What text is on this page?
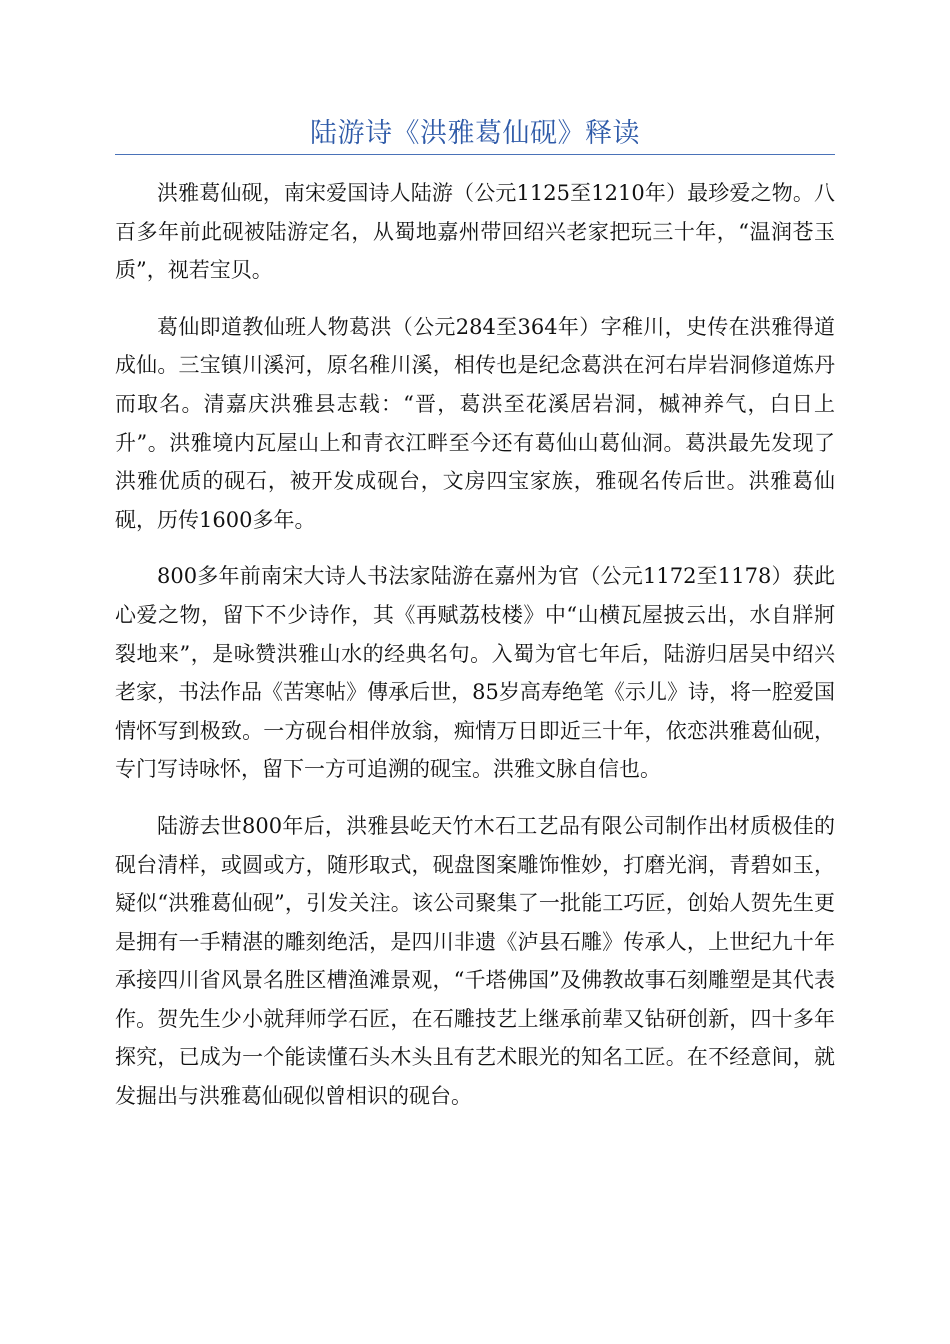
陆游诗《洪雅葛仙砚》释读

洪雅葛仙砚，南宋爱国诗人陆游（公元1125至1210年）最珍爱之物。八百多年前此砚被陆游定名，从蜀地嘉州带回绍兴老家把玩三十年，“温润苍玉质”，视若宝贝。

葛仙即道教仙班人物葛洪（公元284至364年）字稚川，史传在洪雅得道成仙。三宝镇川溪河，原名稚川溪，相传也是纪念葛洪在河右岸岩洞修道炼丹而取名。清嘉庆洪雅县志载：“晋，葛洪至花溪居岩洞，槭神养气，白日上升”。洪雅境内瓦屋山上和青衣江畔至今还有葛仙山葛仙洞。葛洪最先发现了洪雅优质的砚石，被开发成砚台，文房四宝家族，雅砚名传后世。洪雅葛仙砚，历传1600多年。

800多年前南宋大诗人书法家陆游在嘉州为官（公元1172至1178）获此心爱之物，留下不少诗作，其《再赋荔枝楼》中“山横瓦屋披云出，水自牂牁裂地来”，是咏赞洪雅山水的经典名句。入蜀为官七年后，陆游归居吴中绍兴老家，书法作品《苦寒帖》傳承后世，85岁高寿绝笔《示儿》诗，将一腔爱国情怀写到极致。一方砚台相伴放翁，痴情万日即近三十年，依恋洪雅葛仙砚，专门写诗咏怀，留下一方可追溯的砚宝。洪雅文脉自信也。

陆游去世800年后，洪雅县屹天竹木石工艺品有限公司制作出材质极佳的砚台清样，或圆或方，随形取式，砚盘图案雕饰惟妙，打磨光润，青碧如玉，疑似“洪雅葛仙砚”，引发关注。该公司聚集了一批能工巧匠，创始人贺先生更是拥有一手精湛的雕刻绝活，是四川非遗《泸县石雕》传承人，上世纪九十年承接四川省风景名胜区槽渔滩景观，“千塔佛国”及佛教故事石刻雕塑是其代表作。贺先生少小就拜师学石匠，在石雕技艺上继承前辈又钻研创新，四十多年探究，已成为一个能读懂石头木头且有艺术眼光的知名工匠。在不经意间，就发掘出与洪雅葛仙砚似曾相识的砚台。
